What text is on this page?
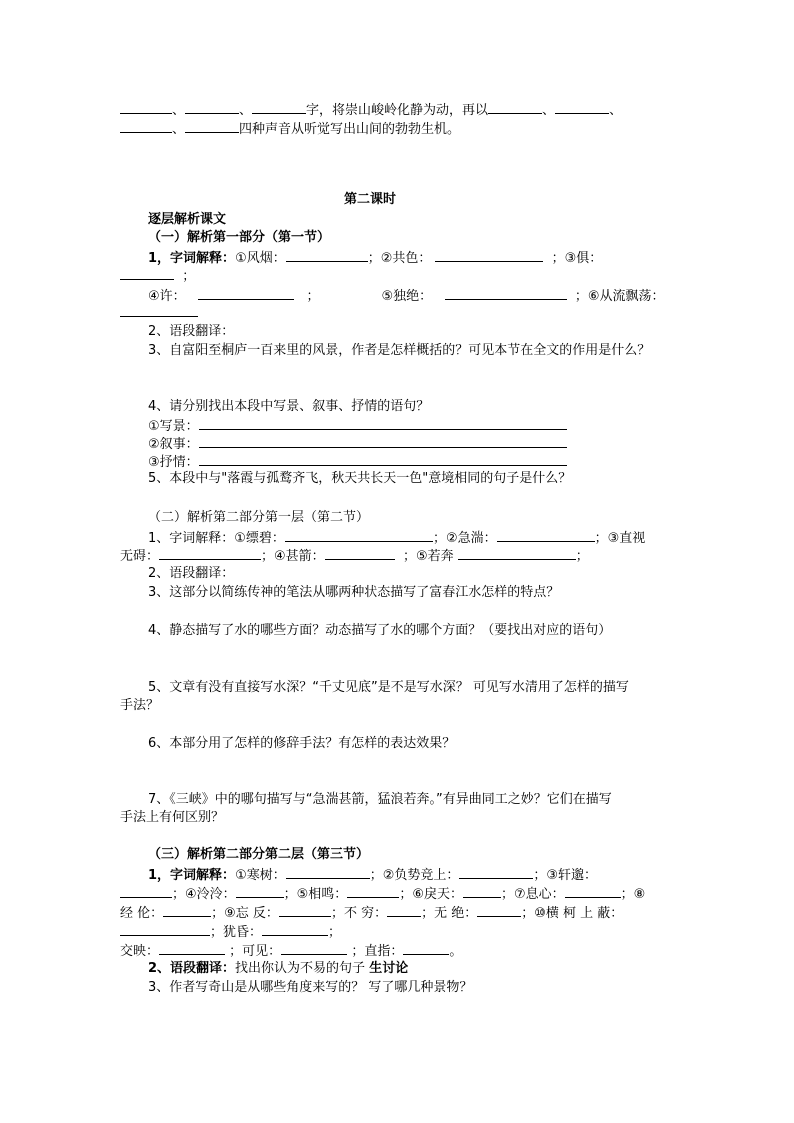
、	、	字，将崇山峻岭化静为动，再以	、	、
、	四种声音从听觉写出山间的勃勃生机。
第二课时
逐层解析课文
（一）解析第一部分（第一节）
1，字词解释：①风烟：	；②共色：	；③俱：
；
④许：	；	⑤独绝：	；⑥从流飘荡：
2、语段翻译：
3、自富阳至桐庐一百来里的风景，作者是怎样概括的？可见本节在全文的作用是什么？
4、请分别找出本段中写景、叙事、抒情的语句？
①写景：
②叙事：
③抒情：
5、本段中与"落霞与孤鹜齐飞，秋天共长天一色"意境相同的句子是什么？
（二）解析第二部分第一层（第二节）
1、字词解释：①缥碧：	；②急湍：	；③直视
无碍：	；④甚箭：	；⑤若奔	；
2、语段翻译：
3、这部分以简练传神的笔法从哪两种状态描写了富春江水怎样的特点？
4、静态描写了水的哪些方面？动态描写了水的哪个方面？（要找出对应的语句）
5、文章有没有直接写水深？“千丈见底”是不是写水深？ 可见写水清用了怎样的描写
手法？
6、本部分用了怎样的修辞手法？有怎样的表达效果？
7、《三峡》中的哪句描写与“急湍甚箭，猛浪若奔。”有异曲同工之妙？它们在描写
手法上有何区别？
（三）解析第二部分第二层（第三节）
1，字词解释：①寒树：	；②负势竞上：	；③轩邈：
；④泠泠：	；⑤相鸣：	；⑥戾天：	；⑦息心：	；⑧
经 伦：	；⑨忘 反：	；不 穷：	；无 绝：	；⑩横 柯 上 蔽：
；犹昏：	；
交映：	；可见：	；直指：	。
2、语段翻译：找出你认为不易的句子 生讨论
3、作者写奇山是从哪些角度来写的？ 写了哪几种景物？
